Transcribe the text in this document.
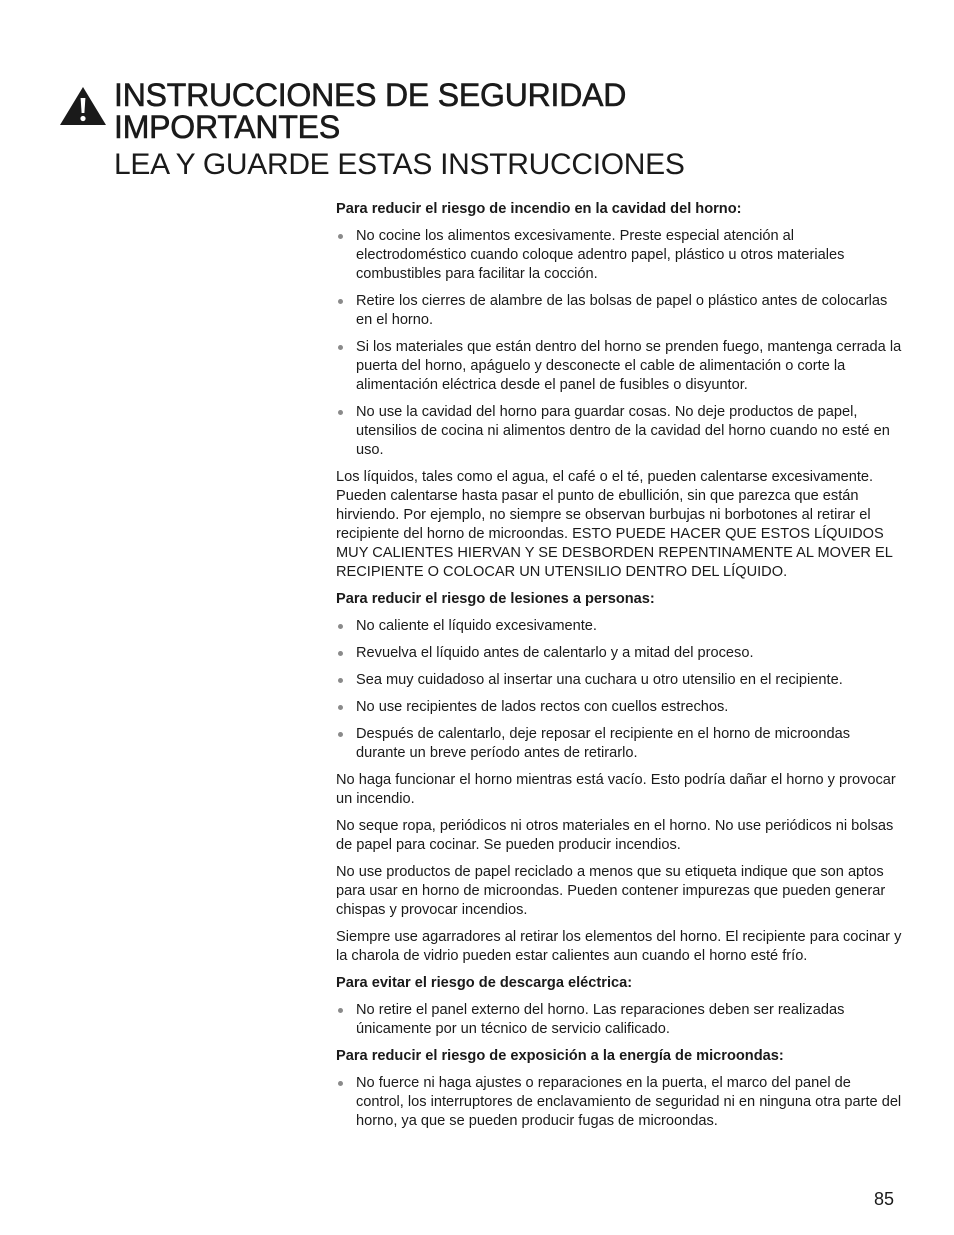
INSTRUCCIONES DE SEGURIDAD
IMPORTANTES
LEA Y GUARDE ESTAS INSTRUCCIONES
Para reducir el riesgo de incendio en la cavidad del horno:
No cocine los alimentos excesivamente. Preste especial atención al electrodoméstico cuando coloque adentro papel, plástico u otros materiales combustibles para facilitar la cocción.
Retire los cierres de alambre de las bolsas de papel o plástico antes de colocarlas en el horno.
Si los materiales que están dentro del horno se prenden fuego, mantenga cerrada la puerta del horno, apáguelo y desconecte el cable de alimentación o corte la alimentación eléctrica desde el panel de fusibles o disyuntor.
No use la cavidad del horno para guardar cosas. No deje productos de papel, utensilios de cocina ni alimentos dentro de la cavidad del horno cuando no esté en uso.

Los líquidos, tales como el agua, el café o el té, pueden calentarse excesivamente. Pueden calentarse hasta pasar el punto de ebullición, sin que parezca que están hirviendo. Por ejemplo, no siempre se observan burbujas ni borbotones al retirar el recipiente del horno de microondas. ESTO PUEDE HACER QUE ESTOS LÍQUIDOS MUY CALIENTES HIERVAN Y SE DESBORDEN REPENTINAMENTE AL MOVER EL RECIPIENTE O COLOCAR UN UTENSILIO DENTRO DEL LÍQUIDO.

Para reducir el riesgo de lesiones a personas:
No caliente el líquido excesivamente.
Revuelva el líquido antes de calentarlo y a mitad del proceso.
Sea muy cuidadoso al insertar una cuchara u otro utensilio en el recipiente.
No use recipientes de lados rectos con cuellos estrechos.
Después de calentarlo, deje reposar el recipiente en el horno de microondas durante un breve período antes de retirarlo.

No haga funcionar el horno mientras está vacío. Esto podría dañar el horno y provocar un incendio.

No seque ropa, periódicos ni otros materiales en el horno. No use periódicos ni bolsas de papel para cocinar. Se pueden producir incendios.

No use productos de papel reciclado a menos que su etiqueta indique que son aptos para usar en horno de microondas. Pueden contener impurezas que pueden generar chispas y provocar incendios.

Siempre use agarradores al retirar los elementos del horno. El recipiente para cocinar y la charola de vidrio pueden estar calientes aun cuando el horno esté frío.

Para evitar el riesgo de descarga eléctrica:
No retire el panel externo del horno. Las reparaciones deben ser realizadas únicamente por un técnico de servicio calificado.
Para reducir el riesgo de exposición a la energía de microondas:
No fuerce ni haga ajustes o reparaciones en la puerta, el marco del panel de control, los interruptores de enclavamiento de seguridad ni en ninguna otra parte del horno, ya que se pueden producir fugas de microondas.
85
